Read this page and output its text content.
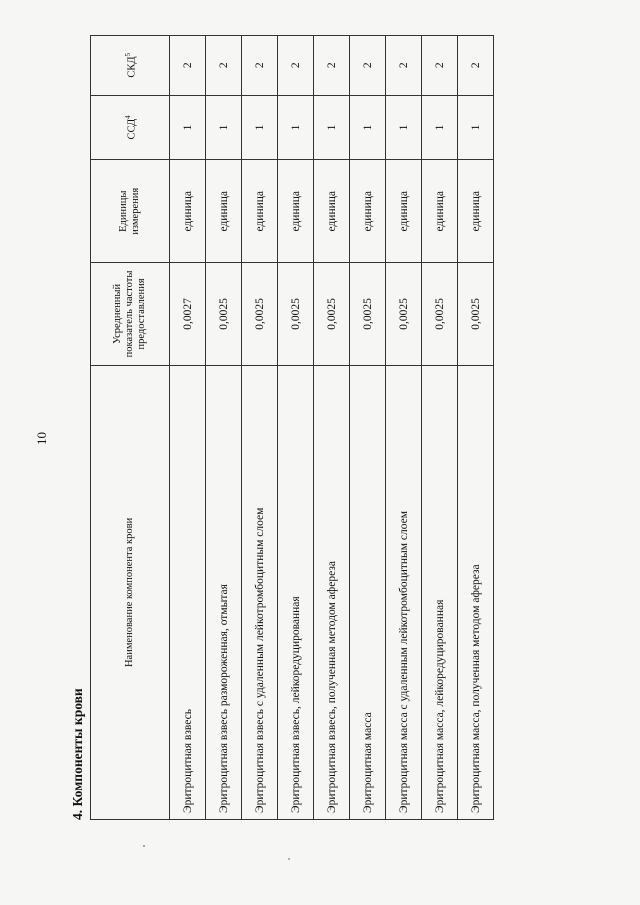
10
4. Компоненты крови
Наименование компонента крови	Усредненный показатель частоты предоставления	Единицы измерения	ССД$^4$	СКД$^5$
Эритроцитная взвесь	0,0027	единица	1	2
Эритроцитная взвесь размороженная, отмытая	0,0025	единица	1	2
Эритроцитная взвесь с удаленным лейкотромбоцитным слоем	0,0025	единица	1	2
Эритроцитная взвесь, лейкоредуцированная	0,0025	единица	1	2
Эритроцитная взвесь, полученная методом афереза	0,0025	единица	1	2
Эритроцитная масса	0,0025	единица	1	2
Эритроцитная масса с удаленным лейкотромбоцитным слоем	0,0025	единица	1	2
Эритроцитная масса, лейкоредуцированная	0,0025	единица	1	2
Эритроцитная масса, полученная методом афереза	0,0025	единица	1	2
